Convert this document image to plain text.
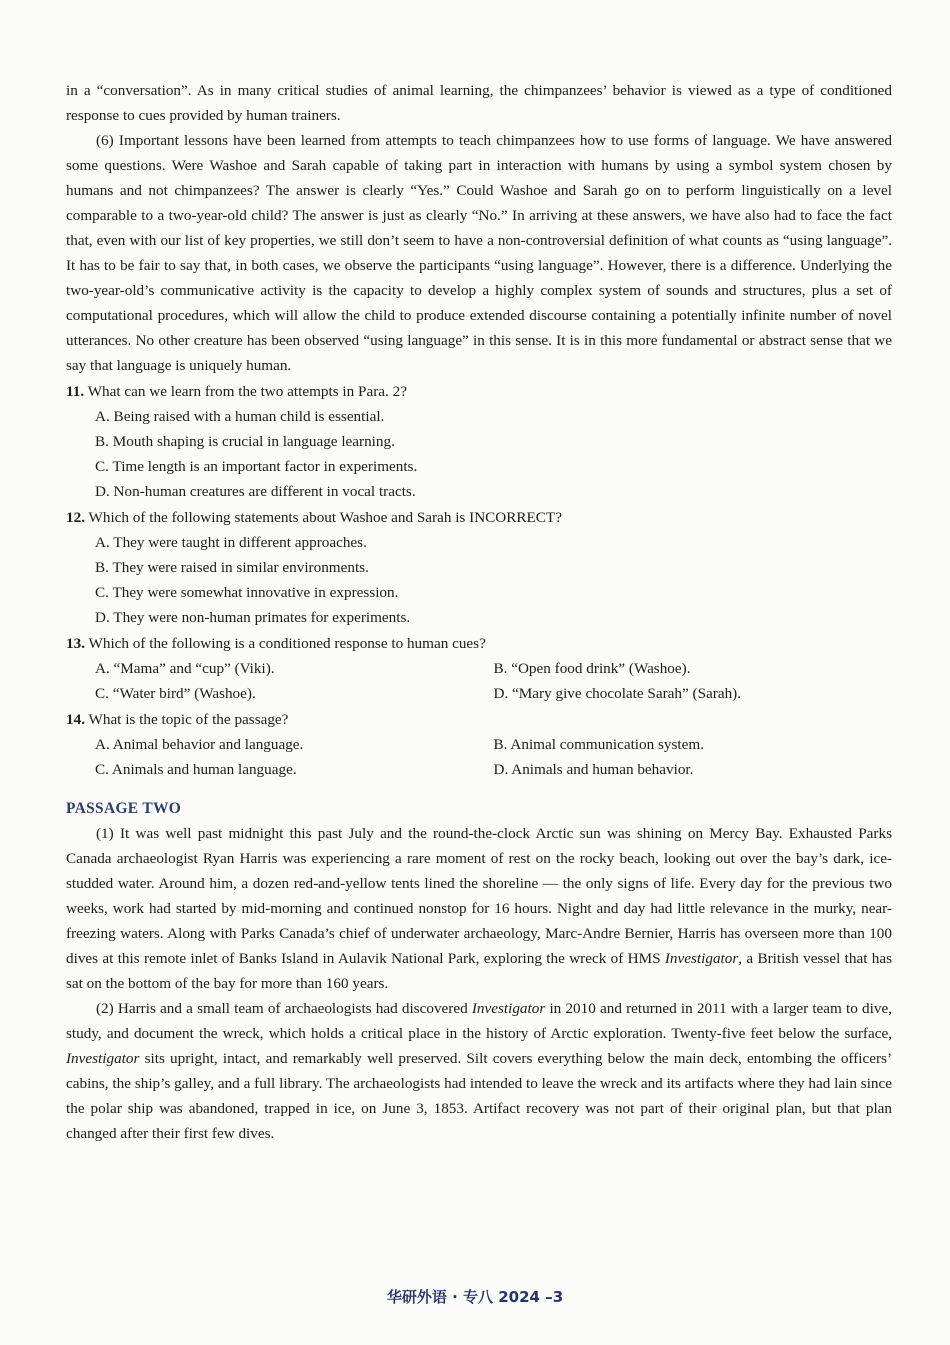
in a “conversation”. As in many critical studies of animal learning, the chimpanzees’ behavior is viewed as a type of conditioned response to cues provided by human trainers.

(6) Important lessons have been learned from attempts to teach chimpanzees how to use forms of language. We have answered some questions. Were Washoe and Sarah capable of taking part in interaction with humans by using a symbol system chosen by humans and not chimpanzees? The answer is clearly “Yes.” Could Washoe and Sarah go on to perform linguistically on a level comparable to a two-year-old child? The answer is just as clearly “No.” In arriving at these answers, we have also had to face the fact that, even with our list of key properties, we still don’t seem to have a non-controversial definition of what counts as “using language”. It has to be fair to say that, in both cases, we observe the participants “using language”. However, there is a difference. Underlying the two-year-old’s communicative activity is the capacity to develop a highly complex system of sounds and structures, plus a set of computational procedures, which will allow the child to produce extended discourse containing a potentially infinite number of novel utterances. No other creature has been observed “using language” in this sense. It is in this more fundamental or abstract sense that we say that language is uniquely human.

11. What can we learn from the two attempts in Para. 2?
A. Being raised with a human child is essential.
B. Mouth shaping is crucial in language learning.
C. Time length is an important factor in experiments.
D. Non-human creatures are different in vocal tracts.
12. Which of the following statements about Washoe and Sarah is INCORRECT?
A. They were taught in different approaches.
B. They were raised in similar environments.
C. They were somewhat innovative in expression.
D. They were non-human primates for experiments.
13. Which of the following is a conditioned response to human cues?
A. “Mama” and “cup” (Viki).	B. “Open food drink” (Washoe).
C. “Water bird” (Washoe).	D. “Mary give chocolate Sarah” (Sarah).
14. What is the topic of the passage?
A. Animal behavior and language.	B. Animal communication system.
C. Animals and human language.	D. Animals and human behavior.
PASSAGE TWO

(1) It was well past midnight this past July and the round-the-clock Arctic sun was shining on Mercy Bay. Exhausted Parks Canada archaeologist Ryan Harris was experiencing a rare moment of rest on the rocky beach, looking out over the bay’s dark, ice-studded water. Around him, a dozen red-and-yellow tents lined the shoreline — the only signs of life. Every day for the previous two weeks, work had started by mid-morning and continued nonstop for 16 hours. Night and day had little relevance in the murky, near-freezing waters. Along with Parks Canada’s chief of underwater archaeology, Marc-Andre Bernier, Harris has overseen more than 100 dives at this remote inlet of Banks Island in Aulavik National Park, exploring the wreck of HMS Investigator, a British vessel that has sat on the bottom of the bay for more than 160 years.

(2) Harris and a small team of archaeologists had discovered Investigator in 2010 and returned in 2011 with a larger team to dive, study, and document the wreck, which holds a critical place in the history of Arctic exploration. Twenty-five feet below the surface, Investigator sits upright, intact, and remarkably well preserved. Silt covers everything below the main deck, entombing the officers’ cabins, the ship’s galley, and a full library. The archaeologists had intended to leave the wreck and its artifacts where they had lain since the polar ship was abandoned, trapped in ice, on June 3, 1853. Artifact recovery was not part of their original plan, but that plan changed after their first few dives.

华研外语 · 专八 2024 –3
